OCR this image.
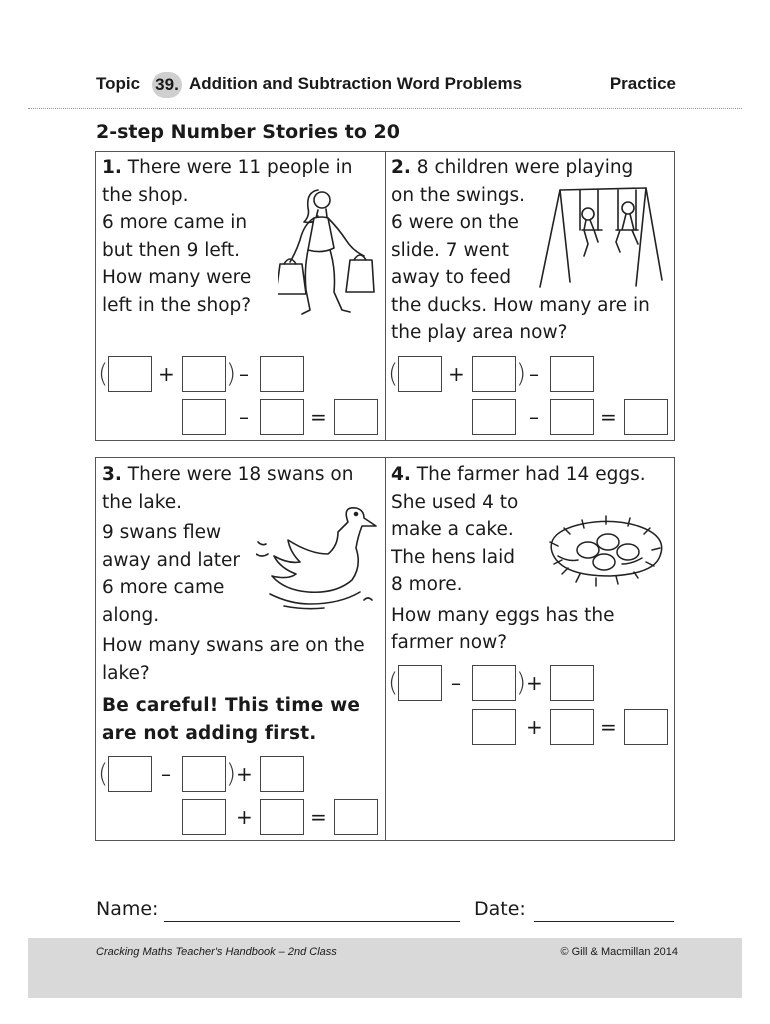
Topic 39. Addition and Subtraction Word Problems	Practice
2-step Number Stories to 20
1. There were 11 people in
the shop.
6 more came in
but then 9 left.
How many were
left in the shop?
( + ) –
–	=
2. 8 children were playing
on the swings.
6 were on the
slide. 7 went
away to feed
the ducks. How many are in
the play area now?
( + ) –
–	=
3. There were 18 swans on
the lake.
9 swans flew
away and later
6 more came
along.
How many swans are on the
lake?
Be careful! This time we
are not adding first.
(	– ) +
+	=
4. The farmer had 14 eggs.
She used 4 to
make a cake.
The hens laid
8 more.
How many eggs has the
farmer now?
(	– ) +
+	=
Name:	Date:
Cracking Maths Teacher's Handbook – 2nd Class	© Gill & Macmillan 2014
